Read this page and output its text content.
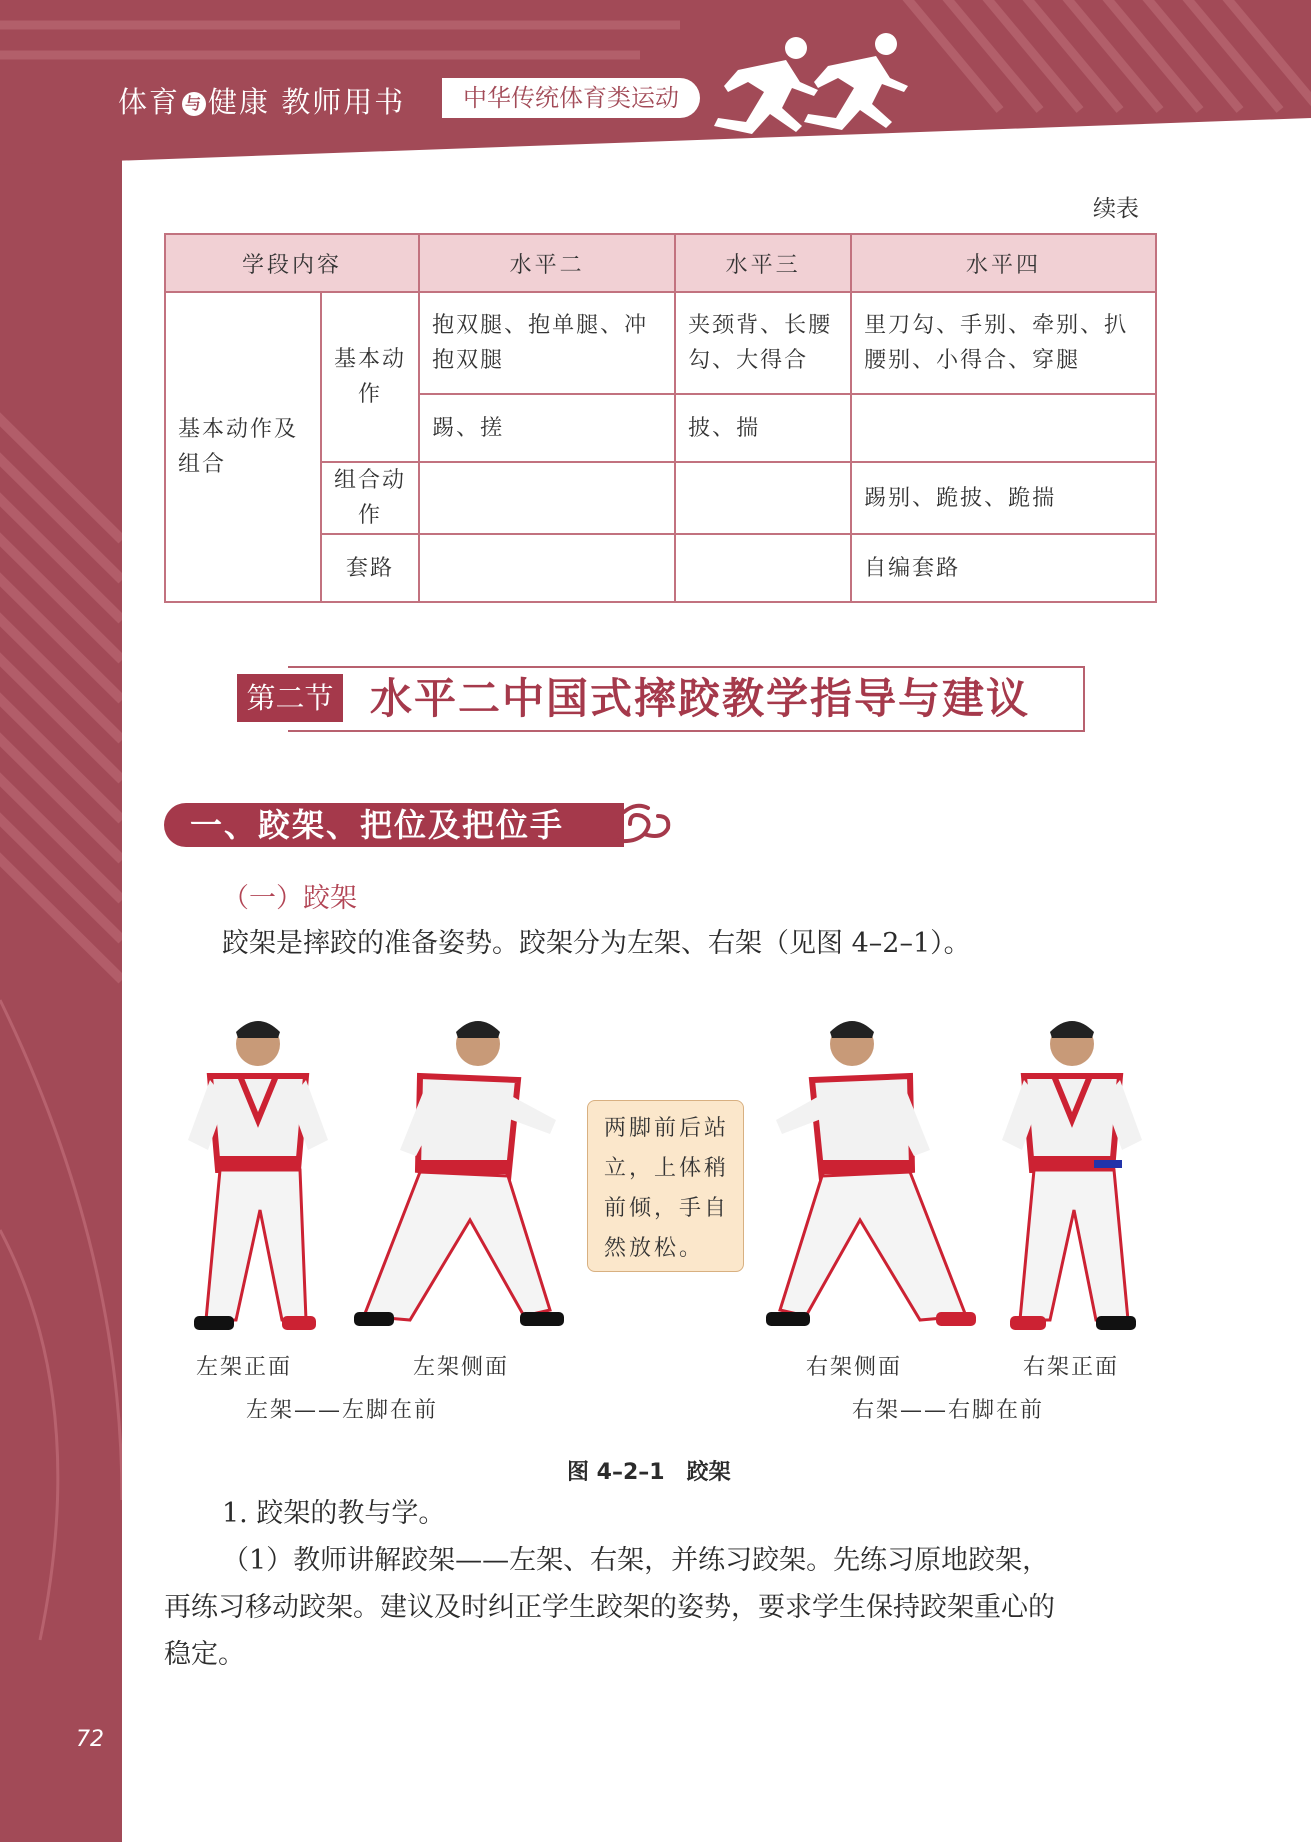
体育 与 健康 教师用书	中华传统体育类运动
续表
学段内容		水平二	水平三	水平四
基本动作及组合	基本动作	抱双腿、抱单腿、冲抱双腿	夹颈背、长腰勾、大得合	里刀勾、手别、牵别、扒腰别、小得合、穿腿
		踢、搓	披、揣	
	组合动作			踢别、跪披、跪揣
	套路			自编套路
第二节 水平二中国式摔跤教学指导与建议
一、跤架、把位及把位手
（一）跤架
跤架是摔跤的准备姿势。跤架分为左架、右架（见图 4–2–1）。
两脚前后站立，上体稍前倾，手自然放松。
左架正面	左架侧面	右架侧面	右架正面
左架——左脚在前	右架——右脚在前
图 4–2–1　跤架
1. 跤架的教与学。
（1）教师讲解跤架——左架、右架，并练习跤架。先练习原地跤架，
再练习移动跤架。建议及时纠正学生跤架的姿势，要求学生保持跤架重心的
稳定。
72
